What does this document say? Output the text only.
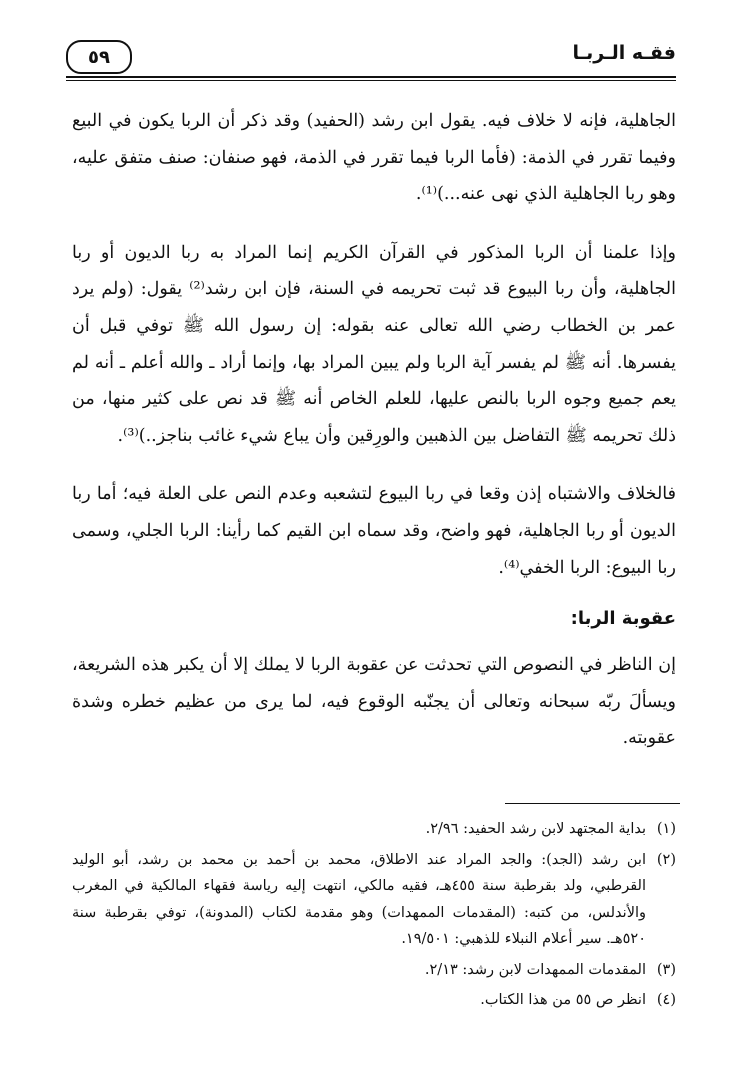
فقـه الـربـا
٥٩

الجاهلية، فإنه لا خلاف فيه. يقول ابن رشد (الحفيد) وقد ذكر أن الربا يكون في البيع وفيما تقرر في الذمة: (فأما الربا فيما تقرر في الذمة، فهو صنفان: صنف متفق عليه، وهو ربا الجاهلية الذي نهى عنه...)⁽¹⁾.

وإذا علمنا أن الربا المذكور في القرآن الكريم إنما المراد به ربا الديون أو ربا الجاهلية، وأن ربا البيوع قد ثبت تحريمه في السنة، فإن ابن رشد⁽²⁾ يقول: (ولم يرد عمر بن الخطاب رضي الله تعالى عنه بقوله: إن رسول الله ﷺ توفي قبل أن يفسرها. أنه ﷺ لم يفسر آية الربا ولم يبين المراد بها، وإنما أراد ـ والله أعلم ـ أنه لم يعم جميع وجوه الربا بالنص عليها، للعلم الخاص أنه ﷺ قد نص على كثير منها، من ذلك تحريمه ﷺ التفاضل بين الذهبين والورِقين وأن يباع شيء غائب بناجز..)⁽³⁾.

فالخلاف والاشتباه إذن وقعا في ربا البيوع لتشعبه وعدم النص على العلة فيه؛ أما ربا الديون أو ربا الجاهلية، فهو واضح، وقد سماه ابن القيم كما رأينا: الربا الجلي، وسمى ربا البيوع: الربا الخفي⁽⁴⁾.

عقوبة الربا:

إن الناظر في النصوص التي تحدثت عن عقوبة الربا لا يملك إلا أن يكبر هذه الشريعة، ويسألَ ربّه سبحانه وتعالى أن يجنّبه الوقوع فيه، لما يرى من عظيم خطره وشدة عقوبته.

(١)
بداية المجتهد لابن رشد الحفيد: ٢/٩٦.
(٢)
ابن رشد (الجد): والجد المراد عند الاطلاق، محمد بن أحمد بن محمد بن رشد، أبو الوليد القرطبي، ولد بقرطبة سنة ٤٥٥هـ، فقيه مالكي، انتهت إليه رياسة فقهاء المالكية في المغرب والأندلس، من كتبه: (المقدمات الممهدات) وهو مقدمة لكتاب (المدونة)، توفي بقرطبة سنة ٥٢٠هـ. سير أعلام النبلاء للذهبي: ١٩/٥٠١.
(٣)
المقدمات الممهدات لابن رشد: ٢/١٣.
(٤)
انظر ص ٥٥ من هذا الكتاب.
